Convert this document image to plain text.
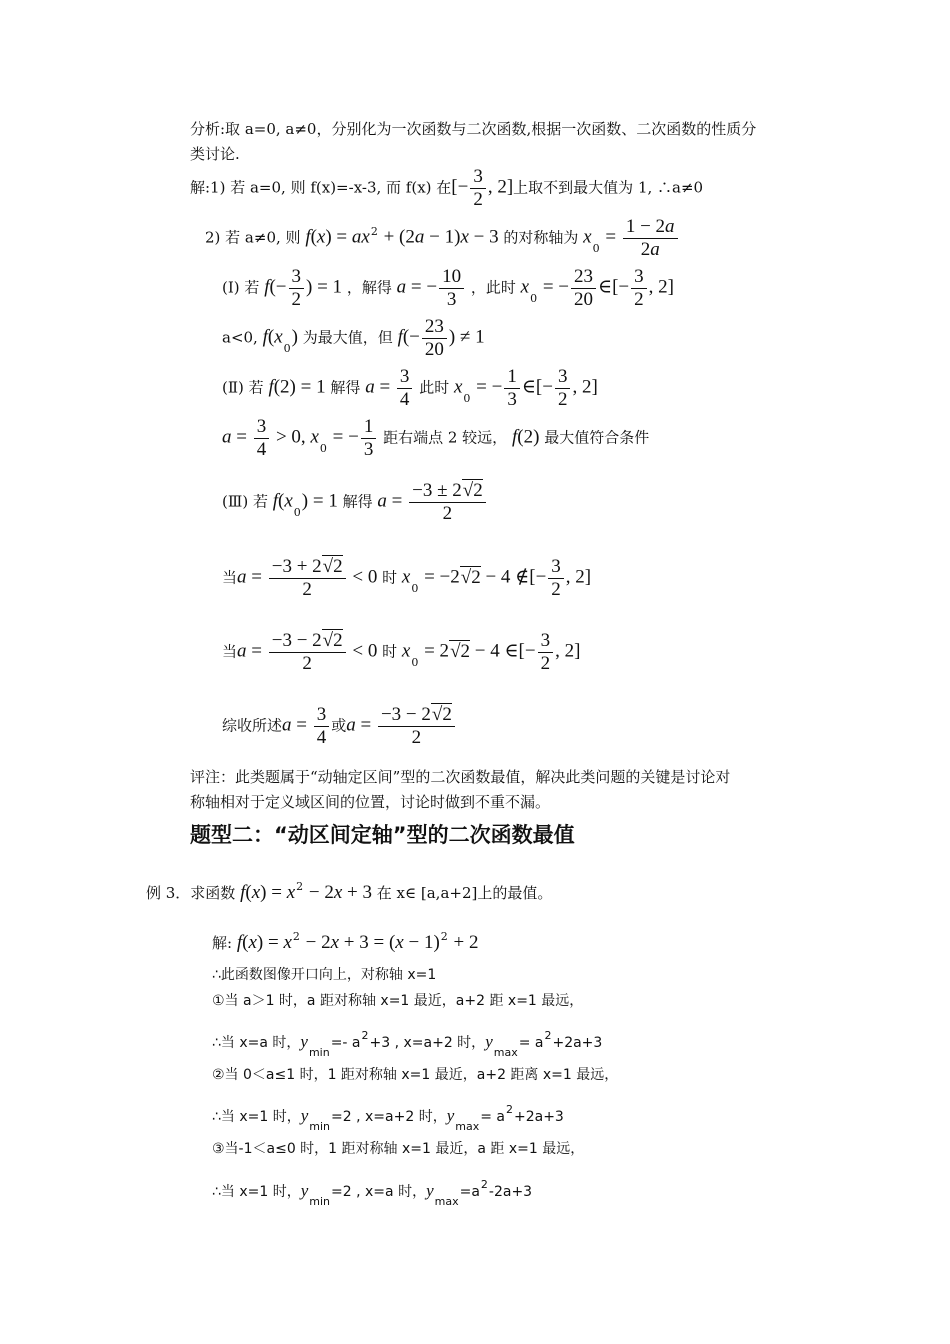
分析:取 a=0, a≠0，分别化为一次函数与二次函数,根据一次函数、二次函数的性质分
类讨论.
解:1) 若 a=0, 则 f(x)=-x-3, 而 f(x) 在[− $\frac{3}{2}$ , 2]上取不到最大值为 1, ∴a≠0
2) 若 a≠0, 则 $f(x) = ax^2 + (2a - 1)x - 3$ 的对称轴为 $x_0 = \frac{1 - 2a}{2a}$
(Ⅰ) 若 $f(- \frac{3}{2}$ ) = 1 ，解得 a = − $\frac{10}{3}$ ，此时 $x_0$ = − $\frac{23}{20}$ ∈[− $\frac{3}{2}$ , 2]
a<0, $f(x_0)$ 为最大值，但 $f(- \frac{23}{20}$ ) ≠ 1
(Ⅱ) 若 f(2) = 1 解得 $a = \frac{3}{4}$ 此时 $x_0$ = − $\frac{1}{3}$ ∈[− $\frac{3}{2}$ , 2]
$a = \frac{3}{4} > 0$, $x_0$ = − $\frac{1}{3}$ 距右端点 2 较远， f(2) 最大值符合条件
(Ⅲ) 若 $f(x_0) = 1$ 解得 $a = \frac{-3 \pm 2√2}{2}$
当$a = \frac{-3 + 2√2}{2} < 0$ 时 $x_0 = -2√2 - 4$ ∉[− $\frac{3}{2}$ , 2]
当$a = \frac{-3 - 2√2}{2} < 0$ 时 $x_0 = 2√2 - 4$ ∈[− $\frac{3}{2}$ , 2]
综收所述$a = \frac{3}{4}$ 或$a = \frac{-3 - 2√2}{2}$
评注：此类题属于“动轴定区间”型的二次函数最值，解决此类问题的关键是讨论对
称轴相对于定义域区间的位置，讨论时做到不重不漏。
题型二：“动区间定轴”型的二次函数最值
例 3．求函数 $f(x) = x^2 - 2x + 3$ 在 x∈ [a,a+2]上的最值。
解: $f(x) = x^2 - 2x + 3 = (x - 1)^2 + 2$
∴此函数图像开口向上，对称轴 x=1
①当 a＞1 时，a 距对称轴 x=1 最近，a+2 距 x=1 最远，
∴当 x=a 时，$y_{min}=-$ $a^2+3$ , x=a+2 时，$y_{max}= a^2+2a+3$
②当 0＜a≤1 时，1 距对称轴 x=1 最近，a+2 距离 x=1 最远，
∴当 x=1 时，$y_{min}=2$ , x=a+2 时，$y_{max}= a^2+2a+3$
③当-1＜a≤0 时，1 距对称轴 x=1 最近，a 距 x=1 最远，
∴当 x=1 时，$y_{min}=2$ , x=a 时，$y_{max}=a^2-2a+3$
